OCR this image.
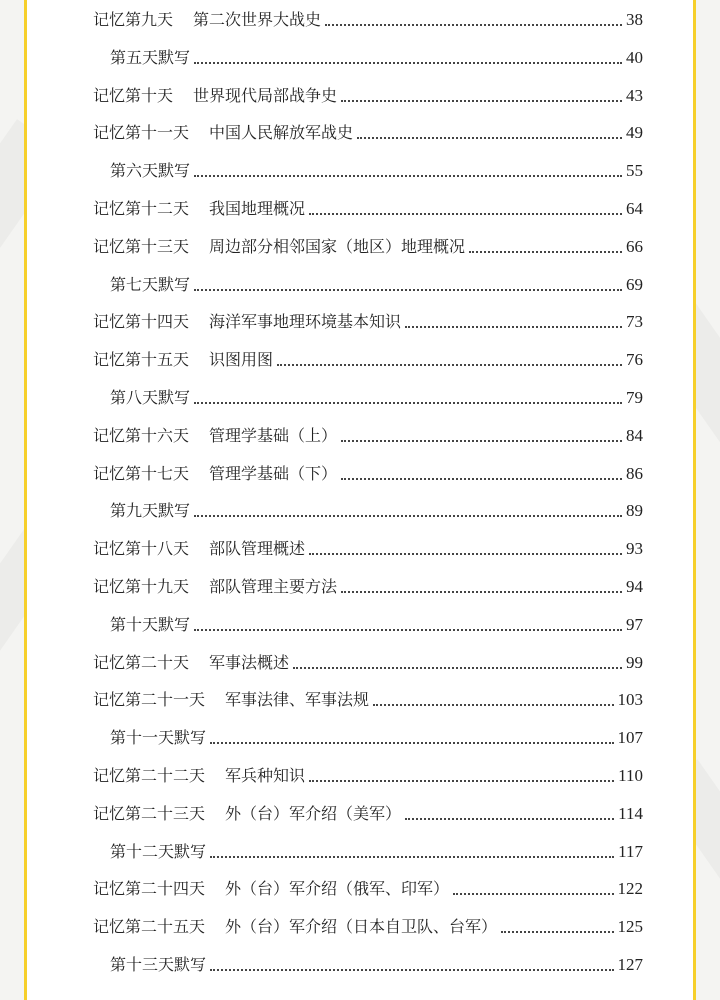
记忆第九天 第二次世界大战史	38
第五天默写	40
记忆第十天 世界现代局部战争史	43
记忆第十一天 中国人民解放军战史	49
第六天默写	55
记忆第十二天 我国地理概况	64
记忆第十三天 周边部分相邻国家（地区）地理概况	66
第七天默写	69
记忆第十四天 海洋军事地理环境基本知识	73
记忆第十五天 识图用图	76
第八天默写	79
记忆第十六天 管理学基础（上）	84
记忆第十七天 管理学基础（下）	86
第九天默写	89
记忆第十八天 部队管理概述	93
记忆第十九天 部队管理主要方法	94
第十天默写	97
记忆第二十天 军事法概述	99
记忆第二十一天 军事法律、军事法规	103
第十一天默写	107
记忆第二十二天 军兵种知识	110
记忆第二十三天 外（台）军介绍（美军）	114
第十二天默写	117
记忆第二十四天 外（台）军介绍（俄军、印军）	122
记忆第二十五天 外（台）军介绍（日本自卫队、台军）	125
第十三天默写	127
